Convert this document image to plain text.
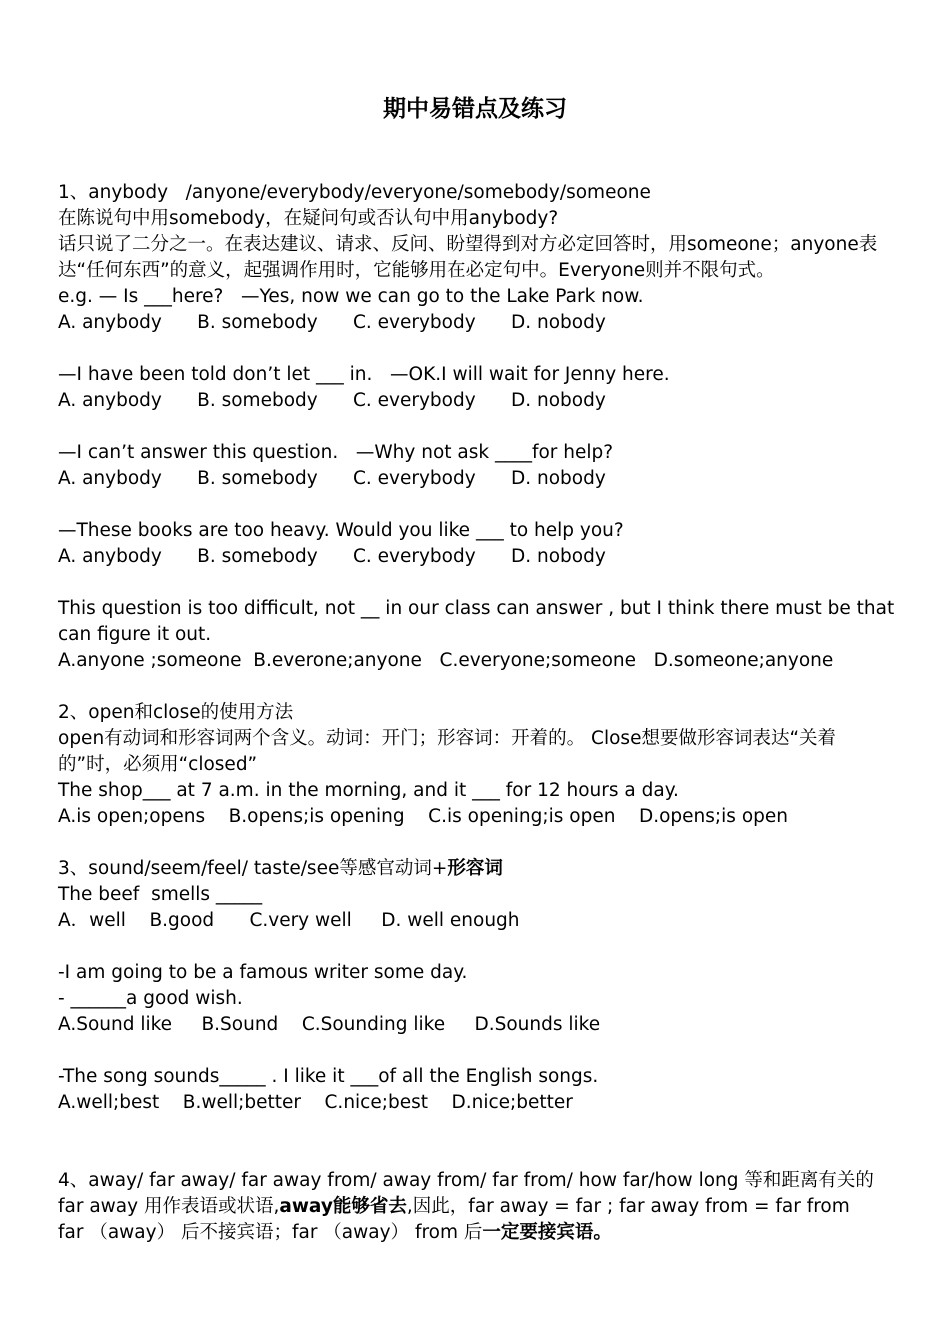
期中易错点及练习
1、anybody   /anyone/everybody/everyone/somebody/someone
在陈说句中用somebody，在疑问句或否认句中用anybody?
话只说了二分之一。在表达建议、请求、反问、盼望得到对方必定回答时，用someone；anyone表达“任何东西”的意义，起强调作用时，它能够用在必定句中。Everyone则并不限句式。
e.g. — Is ___here?   —Yes, now we can go to the Lake Park now.
A. anybody      B. somebody      C. everybody      D. nobody
—I have been told don’t let ___ in.   —OK.I will wait for Jenny here.
A. anybody      B. somebody      C. everybody      D. nobody
—I can’t answer this question.   —Why not ask ____for help?
A. anybody      B. somebody      C. everybody      D. nobody
—These books are too heavy. Would you like ___ to help you?
A. anybody      B. somebody      C. everybody      D. nobody
This question is too difficult, not __ in our class can answer , but I think there must be that can figure it out.
A.anyone ;someone  B.everone;anyone   C.everyone;someone   D.someone;anyone
2、open和close的使用方法
open有动词和形容词两个含义。动词：开门；形容词：开着的。 Close想要做形容词表达“关着的”时，必须用“closed”
The shop___ at 7 a.m. in the morning, and it ___ for 12 hours a day.
A.is open;opens    B.opens;is opening    C.is opening;is open    D.opens;is open
3、sound/seem/feel/ taste/see等感官动词+形容词
The beef  smells _____
A．well    B.good      C.very well     D. well enough
-I am going to be a famous writer some day.
- ______a good wish.
A.Sound like     B.Sound    C.Sounding like     D.Sounds like
-The song sounds_____ . I like it ___of all the English songs.
A.well;best    B.well;better    C.nice;best    D.nice;better
4、away/ far away/ far away from/ away from/ far from/ how far/how long 等和距离有关的
far away 用作表语或状语,away能够省去,因此，far away = far ; far away from = far from
far （away） 后不接宾语；far （away） from 后一定要接宾语。
